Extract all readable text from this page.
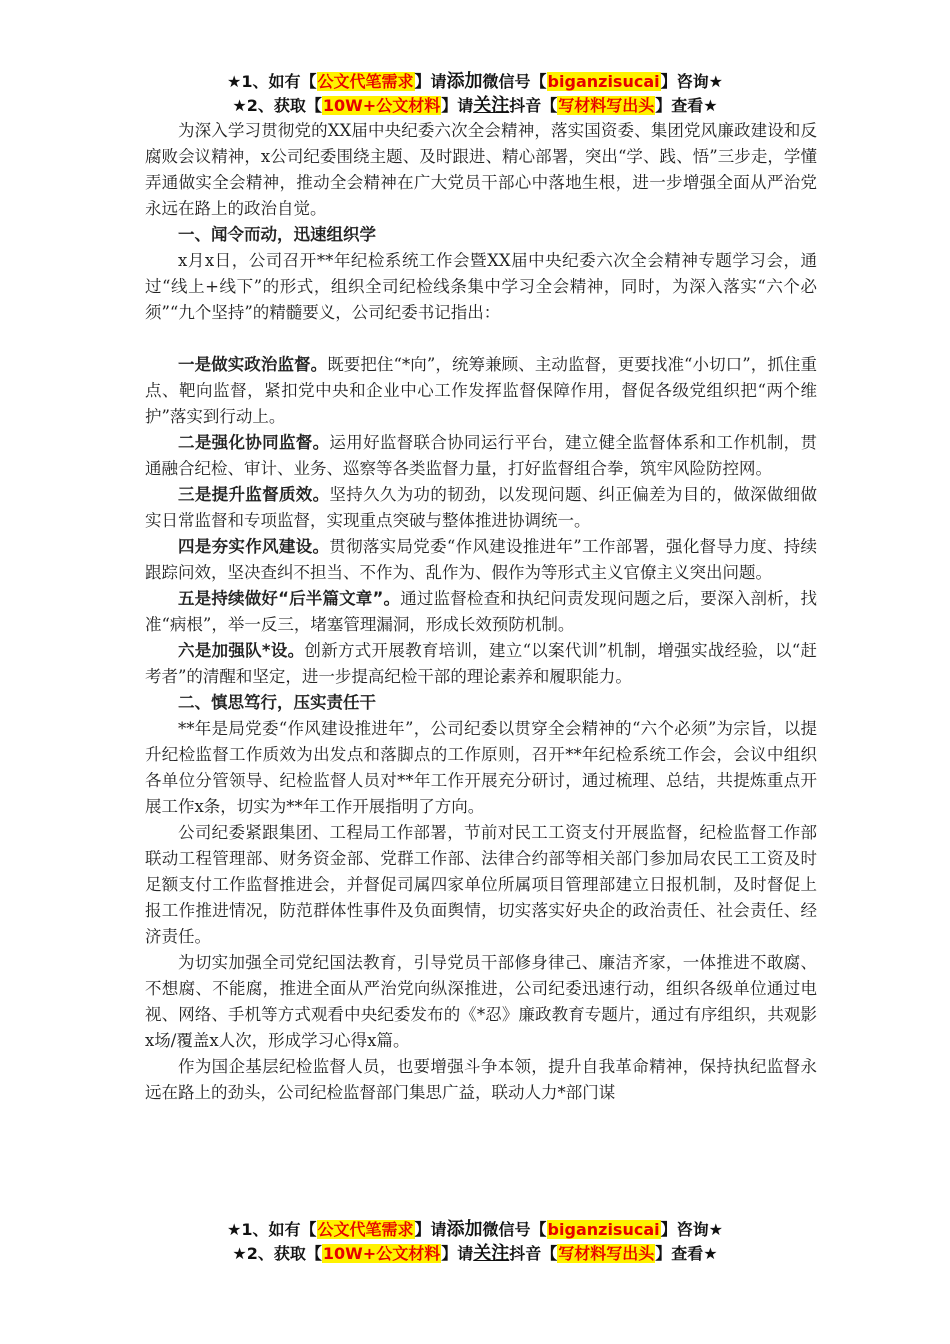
★1、如有【公文代笔需求】请添加微信号【biganzisucai】咨询★
★2、获取【10W+公文材料】请关注抖音【写材料写出头】查看★

为深入学习贯彻党的XX届中央纪委六次全会精神，落实国资委、集团党风廉政建设和反腐败会议精神，x公司纪委围绕主题、及时跟进、精心部署，突出“学、践、悟”三步走，学懂弄通做实全会精神，推动全会精神在广大党员干部心中落地生根，进一步增强全面从严治党永远在路上的政治自觉。

一、闻令而动，迅速组织学

x月x日，公司召开**年纪检系统工作会暨XX届中央纪委六次全会精神专题学习会，通过“线上+线下”的形式，组织全司纪检线条集中学习全会精神，同时，为深入落实“六个必须”“九个坚持”的精髓要义，公司纪委书记指出：

一是做实政治监督。既要把住“*向”，统筹兼顾、主动监督，更要找准“小切口”，抓住重点、靶向监督，紧扣党中央和企业中心工作发挥监督保障作用，督促各级党组织把“两个维护”落实到行动上。

二是强化协同监督。运用好监督联合协同运行平台，建立健全监督体系和工作机制，贯通融合纪检、审计、业务、巡察等各类监督力量，打好监督组合拳，筑牢风险防控网。

三是提升监督质效。坚持久久为功的韧劲，以发现问题、纠正偏差为目的，做深做细做实日常监督和专项监督，实现重点突破与整体推进协调统一。

四是夯实作风建设。贯彻落实局党委“作风建设推进年”工作部署，强化督导力度、持续跟踪问效，坚决查纠不担当、不作为、乱作为、假作为等形式主义官僚主义突出问题。

五是持续做好“后半篇文章”。通过监督检查和执纪问责发现问题之后，要深入剖析，找准“病根”，举一反三，堵塞管理漏洞，形成长效预防机制。

六是加强队*设。创新方式开展教育培训，建立“以案代训”机制，增强实战经验，以“赶考者”的清醒和坚定，进一步提高纪检干部的理论素养和履职能力。

二、慎思笃行，压实责任干

**年是局党委“作风建设推进年”，公司纪委以贯穿全会精神的“六个必须”为宗旨，以提升纪检监督工作质效为出发点和落脚点的工作原则，召开**年纪检系统工作会，会议中组织各单位分管领导、纪检监督人员对**年工作开展充分研讨，通过梳理、总结，共提炼重点开展工作x条，切实为**年工作开展指明了方向。

公司纪委紧跟集团、工程局工作部署，节前对民工工资支付开展监督，纪检监督工作部联动工程管理部、财务资金部、党群工作部、法律合约部等相关部门参加局农民工工资及时足额支付工作监督推进会，并督促司属四家单位所属项目管理部建立日报机制，及时督促上报工作推进情况，防范群体性事件及负面舆情，切实落实好央企的政治责任、社会责任、经济责任。

为切实加强全司党纪国法教育，引导党员干部修身律己、廉洁齐家，一体推进不敢腐、不想腐、不能腐，推进全面从严治党向纵深推进，公司纪委迅速行动，组织各级单位通过电视、网络、手机等方式观看中央纪委发布的《*忍》廉政教育专题片，通过有序组织，共观影x场/覆盖x人次，形成学习心得x篇。

作为国企基层纪检监督人员，也要增强斗争本领，提升自我革命精神，保持执纪监督永远在路上的劲头，公司纪检监督部门集思广益，联动人力*部门谋

★1、如有【公文代笔需求】请添加微信号【biganzisucai】咨询★
★2、获取【10W+公文材料】请关注抖音【写材料写出头】查看★
